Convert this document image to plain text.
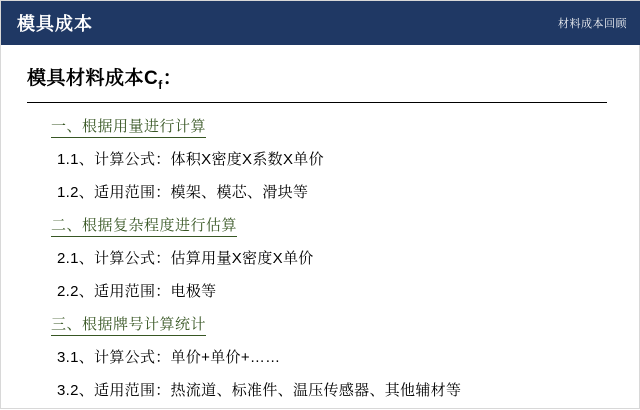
模具成本	材料成本回顾
模具材料成本$C_f$：
一、根据用量进行计算
1.1、计算公式：体积X密度X系数X单价
1.2、适用范围：模架、模芯、滑块等
二、根据复杂程度进行估算
2.1、计算公式：估算用量X密度X单价
2.2、适用范围：电极等
三、根据牌号计算统计
3.1、计算公式：单价+单价+……
3.2、适用范围：热流道、标准件、温压传感器、其他辅材等
